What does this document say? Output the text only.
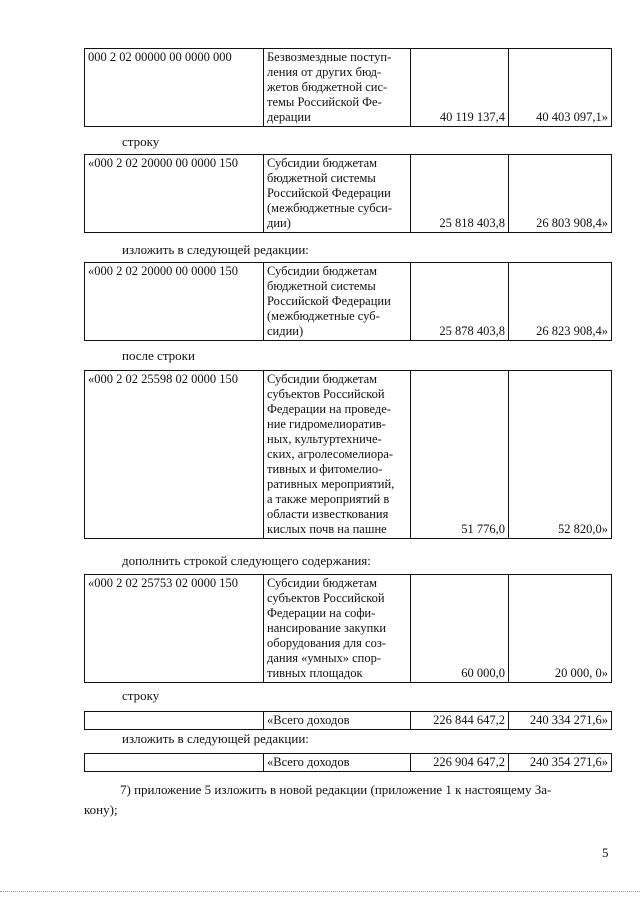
000 2 02 00000 00 0000 000	Безвозмездные поступ-
ления от других бюд-
жетов бюджетной сис-
темы Российской Фе-
дерации	40 119 137,4	40 403 097,1»
строку
«000 2 02 20000 00 0000 150	Субсидии бюджетам
бюджетной системы
Российской Федерации
(межбюджетные субси-
дии)	25 818 403,8	26 803 908,4»
изложить в следующей редакции:
«000 2 02 20000 00 0000 150	Субсидии бюджетам
бюджетной системы
Российской Федерации
(межбюджетные суб-
сидии)	25 878 403,8	26 823 908,4»
после строки
«000 2 02 25598 02 0000 150	Субсидии бюджетам
субъектов Российской
Федерации на проведе-
ние гидромелиоратив-
ных, культуртехниче-
ских, агролесомелиора-
тивных и фитомелио-
ративных мероприятий,
а также мероприятий в
области известкования
кислых почв на пашне	51 776,0	52 820,0»
дополнить строкой следующего содержания:
«000 2 02 25753 02 0000 150	Субсидии бюджетам
субъектов Российской
Федерации на софи-
нансирование закупки
оборудования для соз-
дания «умных» спор-
тивных площадок	60 000,0	20 000, 0»
строку

«Всего доходов	226 844 647,2	240 334 271,6»
изложить в следующей редакции:

«Всего доходов	226 904 647,2	240 354 271,6»
7) приложение 5 изложить в новой редакции (приложение 1 к настоящему За-
кону);
5
